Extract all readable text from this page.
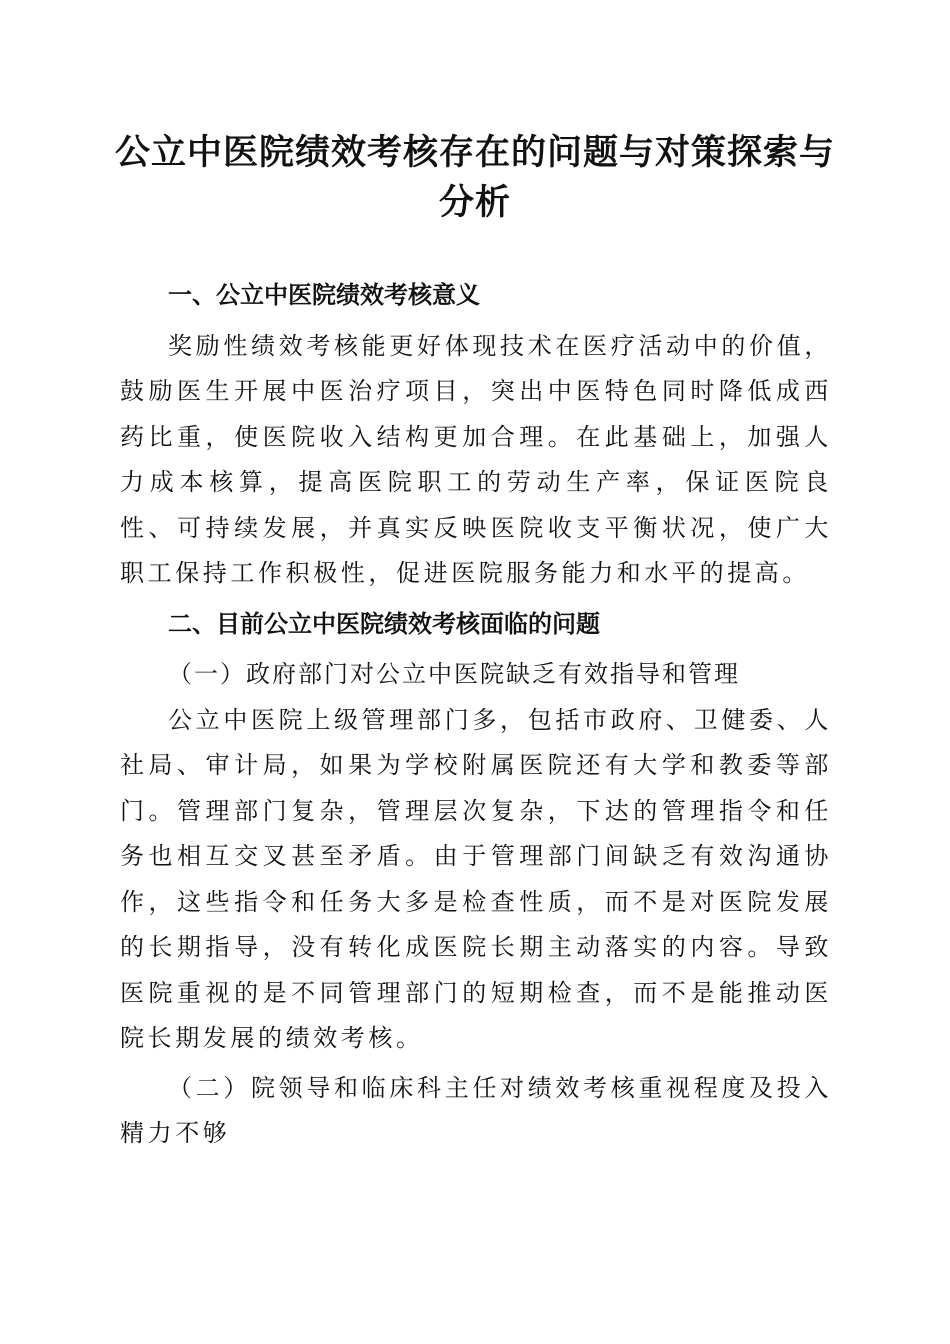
公立中医院绩效考核存在的问题与对策探索与分析

一、公立中医院绩效考核意义

奖励性绩效考核能更好体现技术在医疗活动中的价值，鼓励医生开展中医治疗项目，突出中医特色同时降低成西药比重，使医院收入结构更加合理。在此基础上，加强人力成本核算，提高医院职工的劳动生产率，保证医院良性、可持续发展，并真实反映医院收支平衡状况，使广大职工保持工作积极性，促进医院服务能力和水平的提高。

二、目前公立中医院绩效考核面临的问题

（一）政府部门对公立中医院缺乏有效指导和管理

公立中医院上级管理部门多，包括市政府、卫健委、人社局、审计局，如果为学校附属医院还有大学和教委等部门。管理部门复杂，管理层次复杂，下达的管理指令和任务也相互交叉甚至矛盾。由于管理部门间缺乏有效沟通协作，这些指令和任务大多是检查性质，而不是对医院发展的长期指导，没有转化成医院长期主动落实的内容。导致医院重视的是不同管理部门的短期检查，而不是能推动医院长期发展的绩效考核。

（二）院领导和临床科主任对绩效考核重视程度及投入精力不够
